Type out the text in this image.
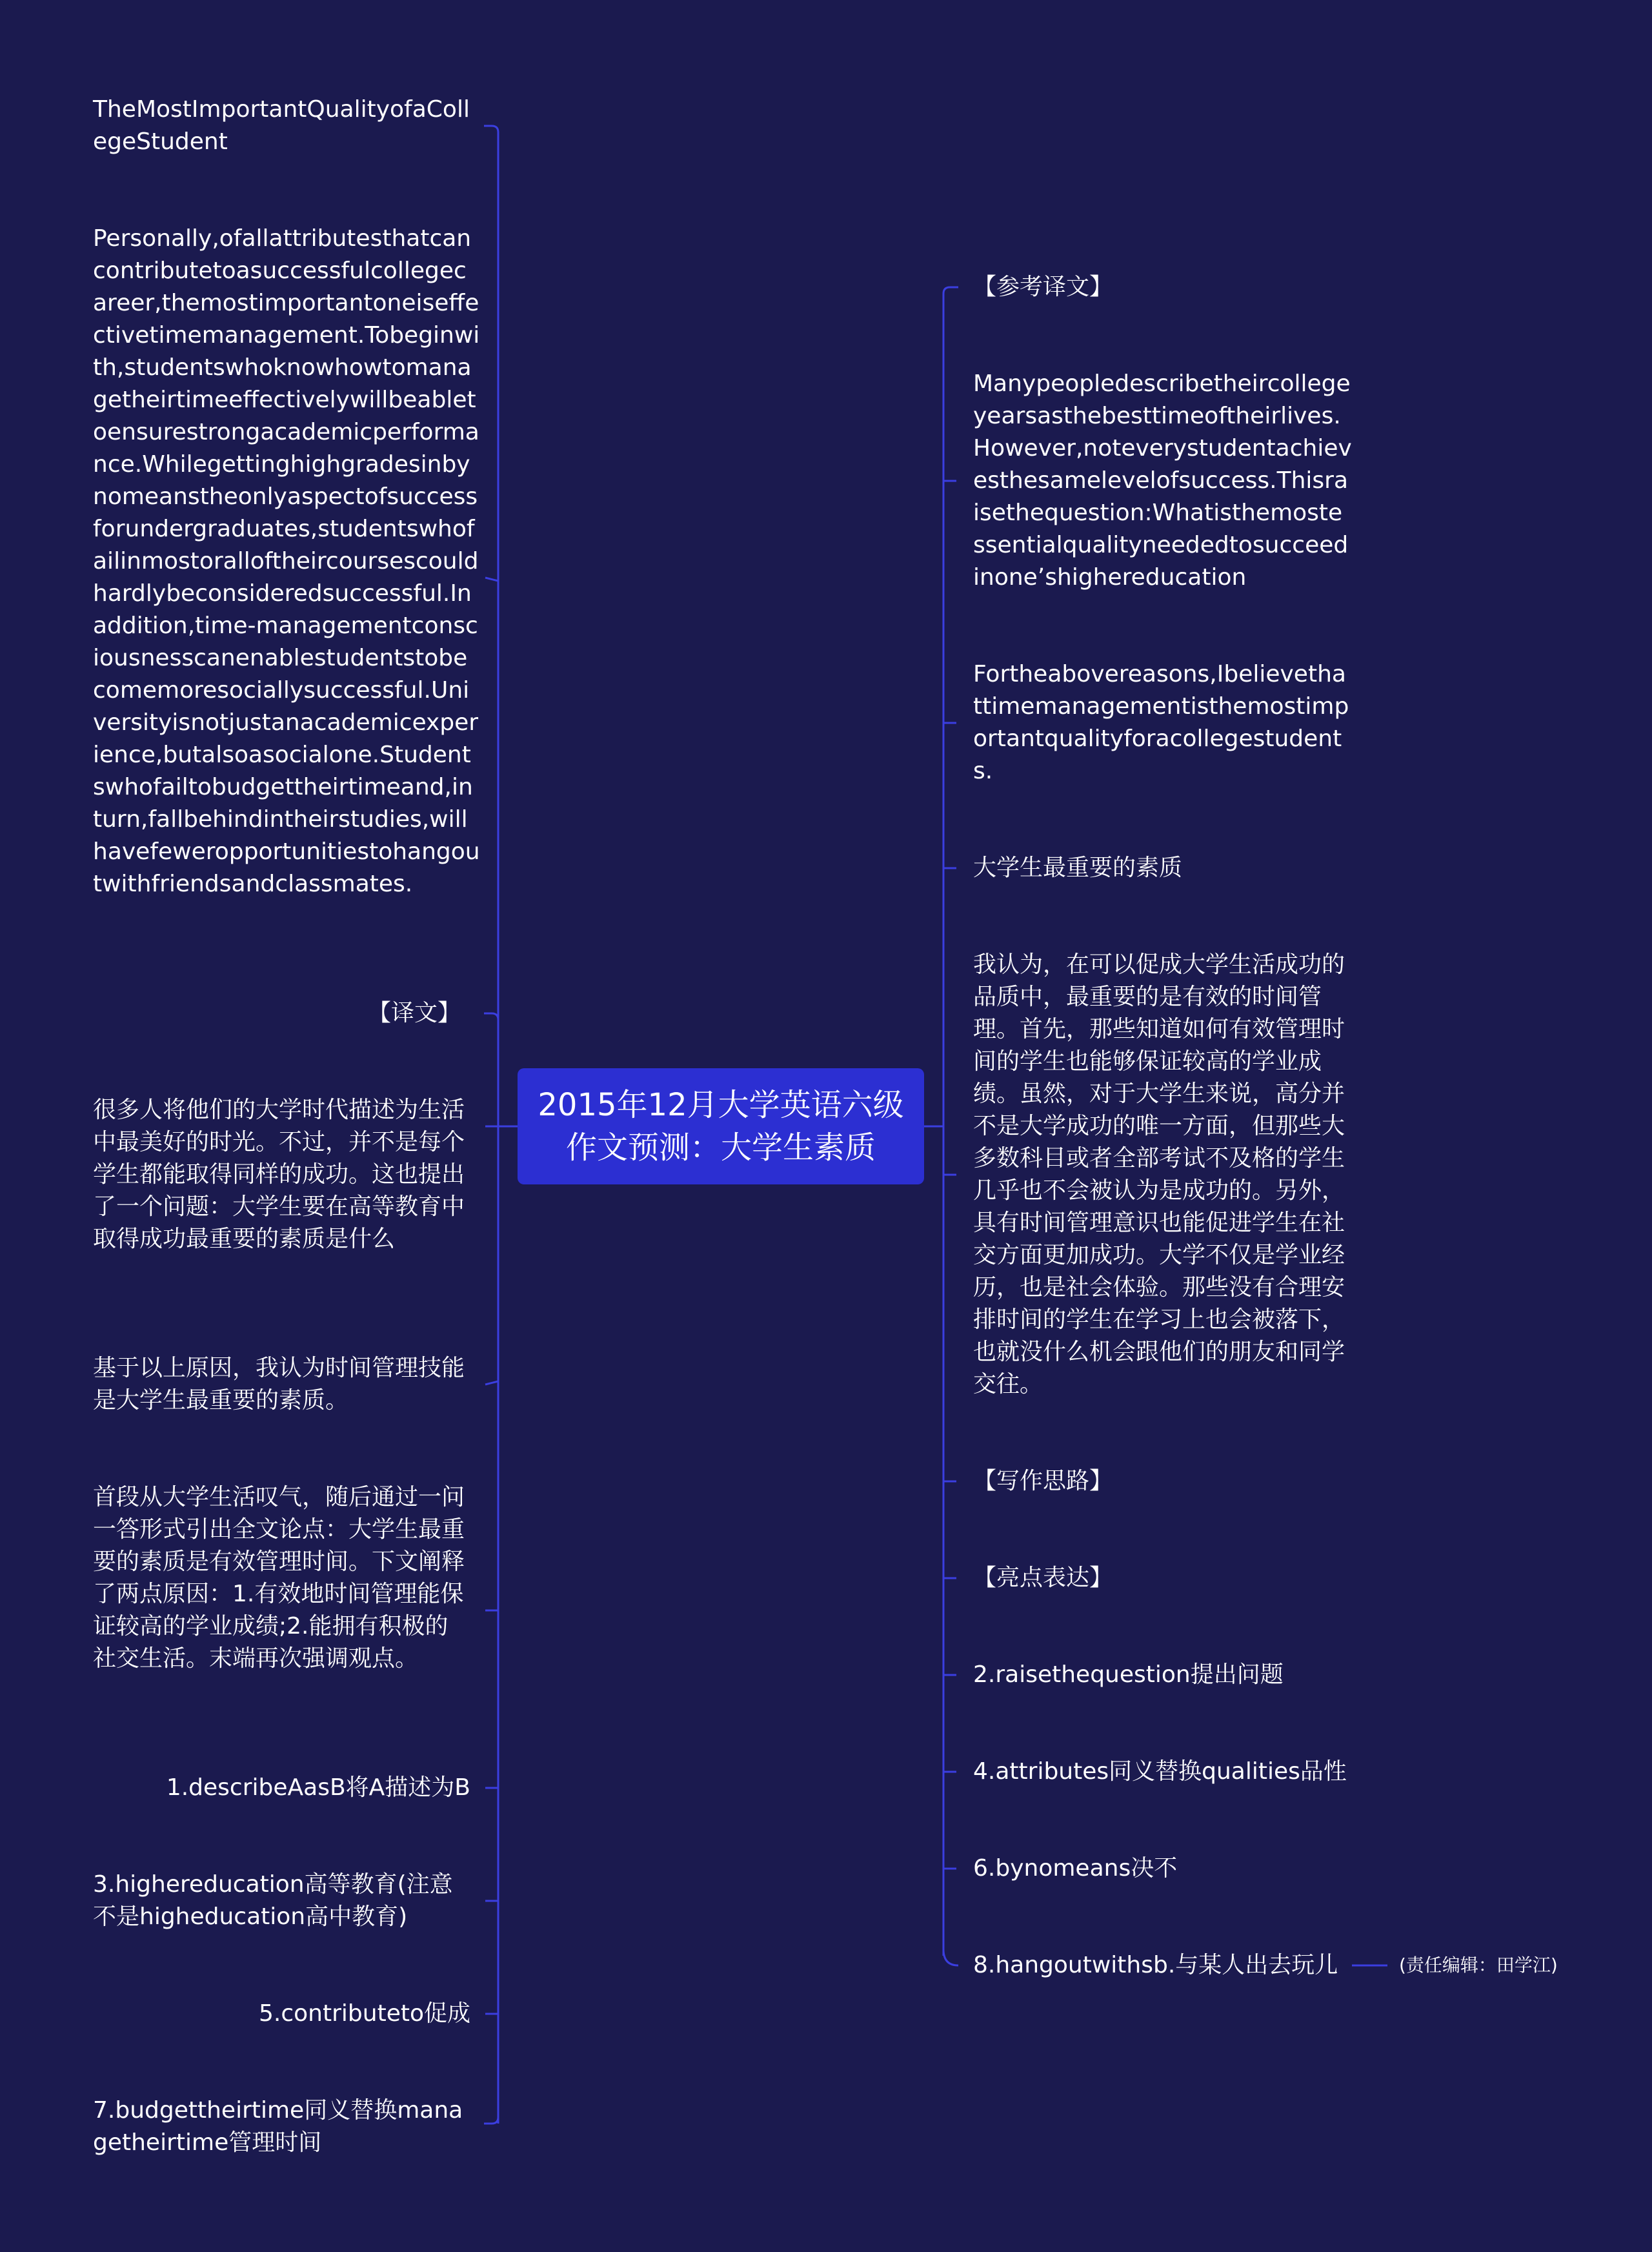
2015年12月大学英语六级作文预测：大学生素质
TheMostImportantQualityofaCollegeStudent
Personally,ofallattributesthatcancontributetoasuccessfulcollegecareer,themostimportantoneiseffectivetimemanagement.Tobeginwith,studentswhoknowhowtomanagetheirtimeeffectivelywillbeabletoensurestrongacademicperformance.Whilegettinghighgradesinbynomeanstheonlyaspectofsuccessforundergraduates,studentswhofailinmostorallofthe​ircoursescouldhardlybeconsideredsuccessful.Inaddition,time-managementconsciousnesscanenablestudentstobecomemoresociallysuccessful.Universityisnotjustanacademicexperience,butalsoasocialone.Studentswhofailtobudgettheirtimeand,inturn,fallbehindintheirstudies,willhavefeweropportunitiestohangoutwithfriendsandclassmates.
【译文】
很多人将他们的大学时代描述为生活中最美好的时光。不过，并不是每个学生都能取得同样的成功。这也提出了一个问题：大学生要在高等教育中取得成功最重要的素质是什么
基于以上原因，我认为时间管理技能是大学生最重要的素质。
首段从大学生活叹气，随后通过一问一答形式引出全文论点：大学生最重要的素质是有效管理时间。下文阐释了两点原因：1.有效地时间管理能保证较高的学业成绩;2.能拥有积极的社交生活。末端再次强调观点。
1.describeAasB将A描述为B
3.highereducation高等教育(注意不是higheducation高中教育)
5.contributeto促成
7.budgettheirtime同义替换managetheirtime管理时间
【参考译文】
Manypeopledescribetheircollegeyearsasthebesttimeoftheirlives.However,noteverystudentachievesthesamelevelofsuccess.Thisraisethequestion:Whatisthemostessentialqualityneededtosucceedinone’shighereducation
Fortheabovereasons,Ibelievethattimemanagementisthemostimportantqualityforacollegestudents.
大学生最重要的素质
我认为，在可以促成大学生活成功的品质中，最重要的是有效的时间管理。首先，那些知道如何有效管理时间的学生也能够保证较高的学业成绩。虽然，对于大学生来说，高分并不是大学成功的唯一方面，但那些大多数科目或者全部考试不及格的学生几乎也不会被认为是成功的。另外，具有时间管理意识也能促进学生在社交方面更加成功。大学不仅是学业经历，也是社会体验。那些没有合理安排时间的学生在学习上也会被落下，也就没什么机会跟他们的朋友和同学交往。
【写作思路】
【亮点表达】
2.raisethequestion提出问题
4.attributes同义替换qualities品性
6.bynomeans决不
8.hangoutwithsb.与某人出去玩儿	(责任编辑：田学江)
